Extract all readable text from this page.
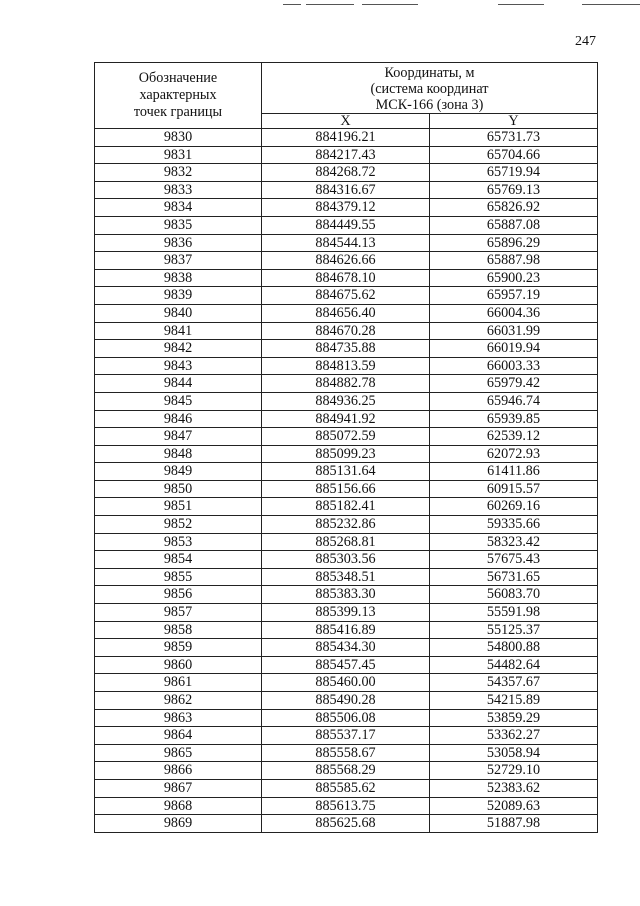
247
Обозначение
характерных
точек границы	Координаты, м
(система координат
МСК-166 (зона 3)	

	X	Y
9830	884196.21	65731.73
9831	884217.43	65704.66
9832	884268.72	65719.94
9833	884316.67	65769.13
9834	884379.12	65826.92
9835	884449.55	65887.08
9836	884544.13	65896.29
9837	884626.66	65887.98
9838	884678.10	65900.23
9839	884675.62	65957.19
9840	884656.40	66004.36
9841	884670.28	66031.99
9842	884735.88	66019.94
9843	884813.59	66003.33
9844	884882.78	65979.42
9845	884936.25	65946.74
9846	884941.92	65939.85
9847	885072.59	62539.12
9848	885099.23	62072.93
9849	885131.64	61411.86
9850	885156.66	60915.57
9851	885182.41	60269.16
9852	885232.86	59335.66
9853	885268.81	58323.42
9854	885303.56	57675.43
9855	885348.51	56731.65
9856	885383.30	56083.70
9857	885399.13	55591.98
9858	885416.89	55125.37
9859	885434.30	54800.88
9860	885457.45	54482.64
9861	885460.00	54357.67
9862	885490.28	54215.89
9863	885506.08	53859.29
9864	885537.17	53362.27
9865	885558.67	53058.94
9866	885568.29	52729.10
9867	885585.62	52383.62
9868	885613.75	52089.63
9869	885625.68	51887.98
